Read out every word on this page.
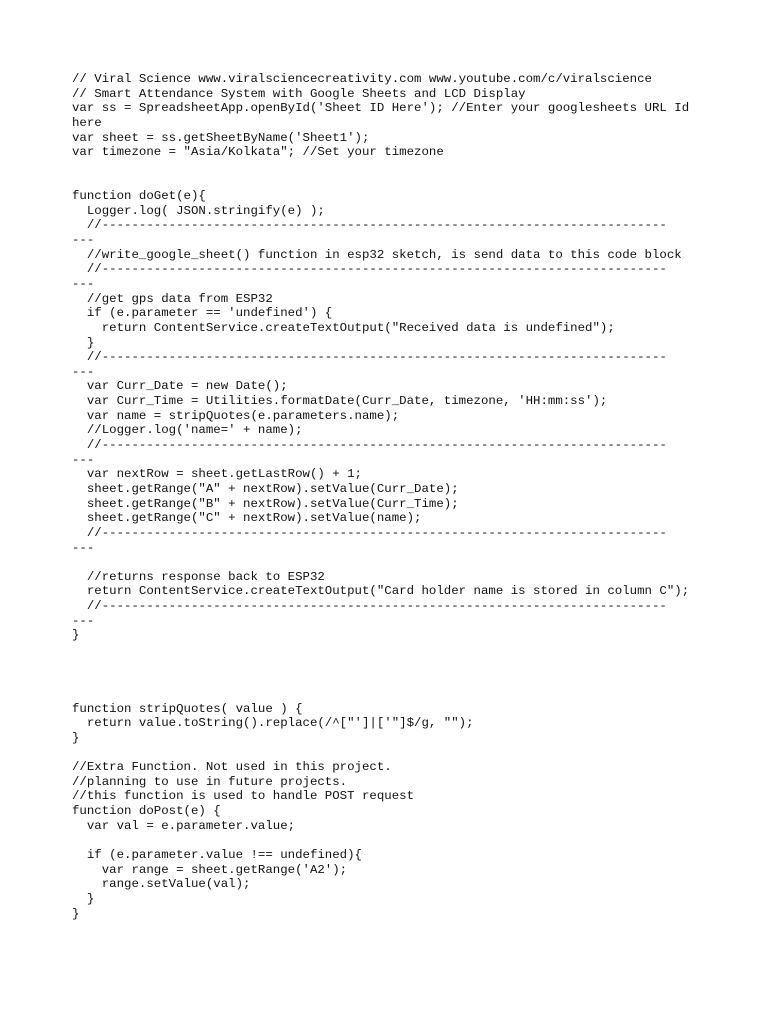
// Viral Science www.viralsciencecreativity.com www.youtube.com/c/viralscience
// Smart Attendance System with Google Sheets and LCD Display
var ss = SpreadsheetApp.openById('Sheet ID Here'); //Enter your googlesheets URL Id
here
var sheet = ss.getSheetByName('Sheet1');
var timezone = "Asia/Kolkata"; //Set your timezone
function doGet(e){
Logger.log( JSON.stringify(e) );
//----------------------------------------------------------------------------
---
//write_google_sheet() function in esp32 sketch, is send data to this code block
//----------------------------------------------------------------------------
---
//get gps data from ESP32
if (e.parameter == 'undefined') {
return ContentService.createTextOutput("Received data is undefined");
}
//----------------------------------------------------------------------------
---
var Curr_Date = new Date();
var Curr_Time = Utilities.formatDate(Curr_Date, timezone, 'HH:mm:ss');
var name = stripQuotes(e.parameters.name);
//Logger.log('name=' + name);
//----------------------------------------------------------------------------
---
var nextRow = sheet.getLastRow() + 1;
sheet.getRange("A" + nextRow).setValue(Curr_Date);
sheet.getRange("B" + nextRow).setValue(Curr_Time);
sheet.getRange("C" + nextRow).setValue(name);
//----------------------------------------------------------------------------
---
//returns response back to ESP32
return ContentService.createTextOutput("Card holder name is stored in column C");
//----------------------------------------------------------------------------
---
}
function stripQuotes( value ) {
return value.toString().replace(/^["']|['"]$/g, "");
}
//Extra Function. Not used in this project.
//planning to use in future projects.
//this function is used to handle POST request
function doPost(e) {
var val = e.parameter.value;
if (e.parameter.value !== undefined){
var range = sheet.getRange('A2');
range.setValue(val);
}
}
